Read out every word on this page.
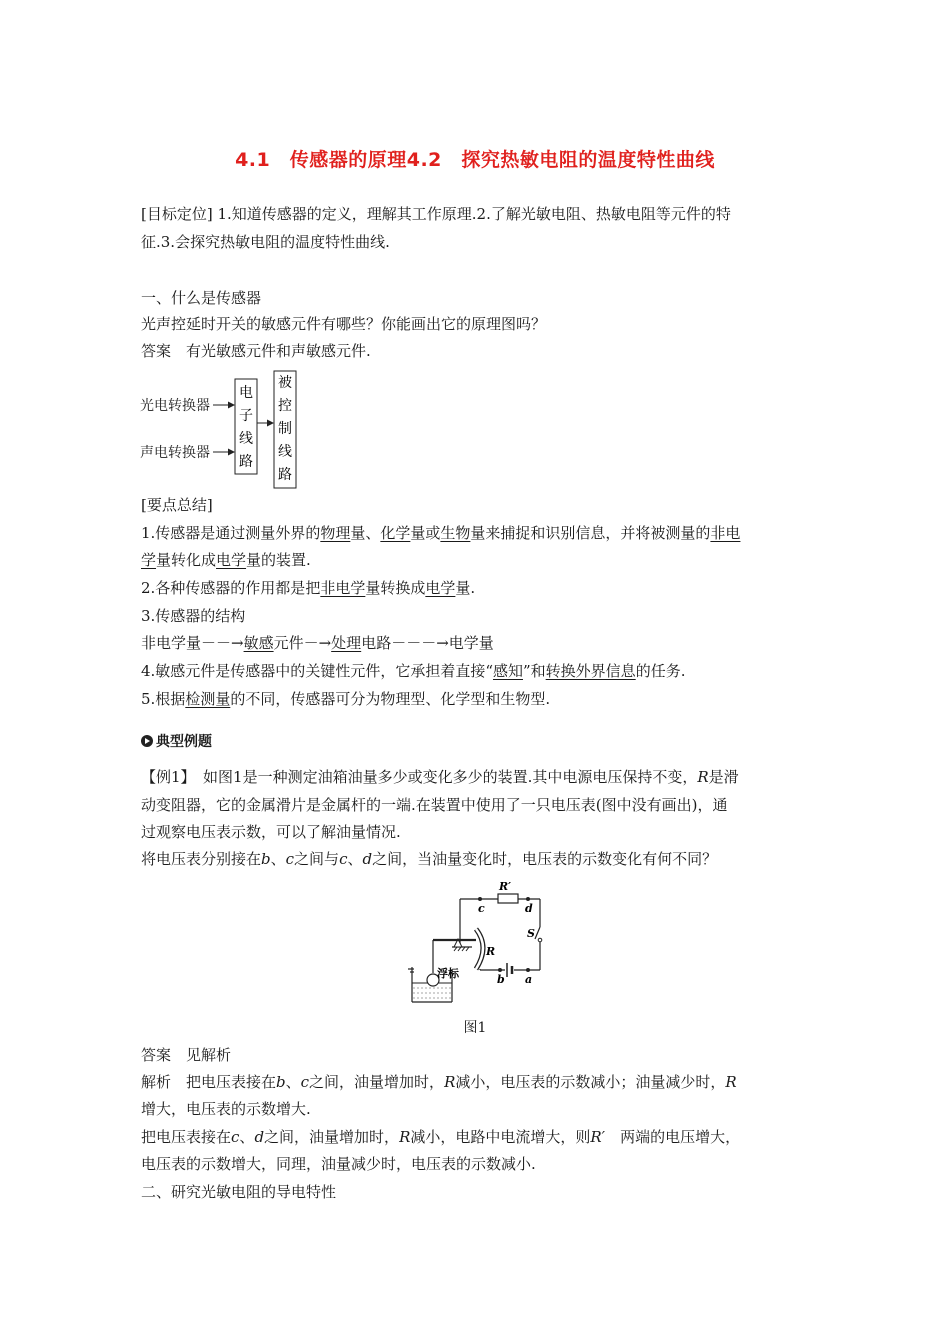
4.1　传感器的原理4.2　探究热敏电阻的温度特性曲线
[目标定位] 1.知道传感器的定义，理解其工作原理.2.了解光敏电阻、热敏电阻等元件的特
征.3.会探究热敏电阻的温度特性曲线.
一、什么是传感器
光声控延时开关的敏感元件有哪些？你能画出它的原理图吗？
答案　有光敏感元件和声敏感元件.
光电转换器
声电转换器
电
子
线
路
被
控
制
线
路
[要点总结]
1.传感器是通过测量外界的物理量、化学量或生物量来捕捉和识别信息，并将被测量的非电
学量转化成电学量的装置.
2.各种传感器的作用都是把非电学量转换成电学量.
3.传感器的结构
非电学量－－→敏感元件－→处理电路－－－→电学量
4.敏感元件是传感器中的关键性元件，它承担着直接“感知”和转换外界信息的任务.
5.根据检测量的不同，传感器可分为物理型、化学型和生物型.
典型例题
【例1】　如图1是一种测定油箱油量多少或变化多少的装置.其中电源电压保持不变，R是滑
动变阻器，它的金属滑片是金属杆的一端.在装置中使用了一只电压表(图中没有画出)，通
过观察电压表示数，可以了解油量情况.
将电压表分别接在b、c之间与c、d之间，当油量变化时，电压表的示数变化有何不同？
R′
c	d
S
b a
R
浮标
图1
答案　见解析
解析　把电压表接在b、c之间，油量增加时，R减小，电压表的示数减小；油量减少时，R
增大，电压表的示数增大.
把电压表接在c、d之间，油量增加时，R减小，电路中电流增大，则R′　两端的电压增大，
电压表的示数增大，同理，油量减少时，电压表的示数减小.
二、研究光敏电阻的导电特性
